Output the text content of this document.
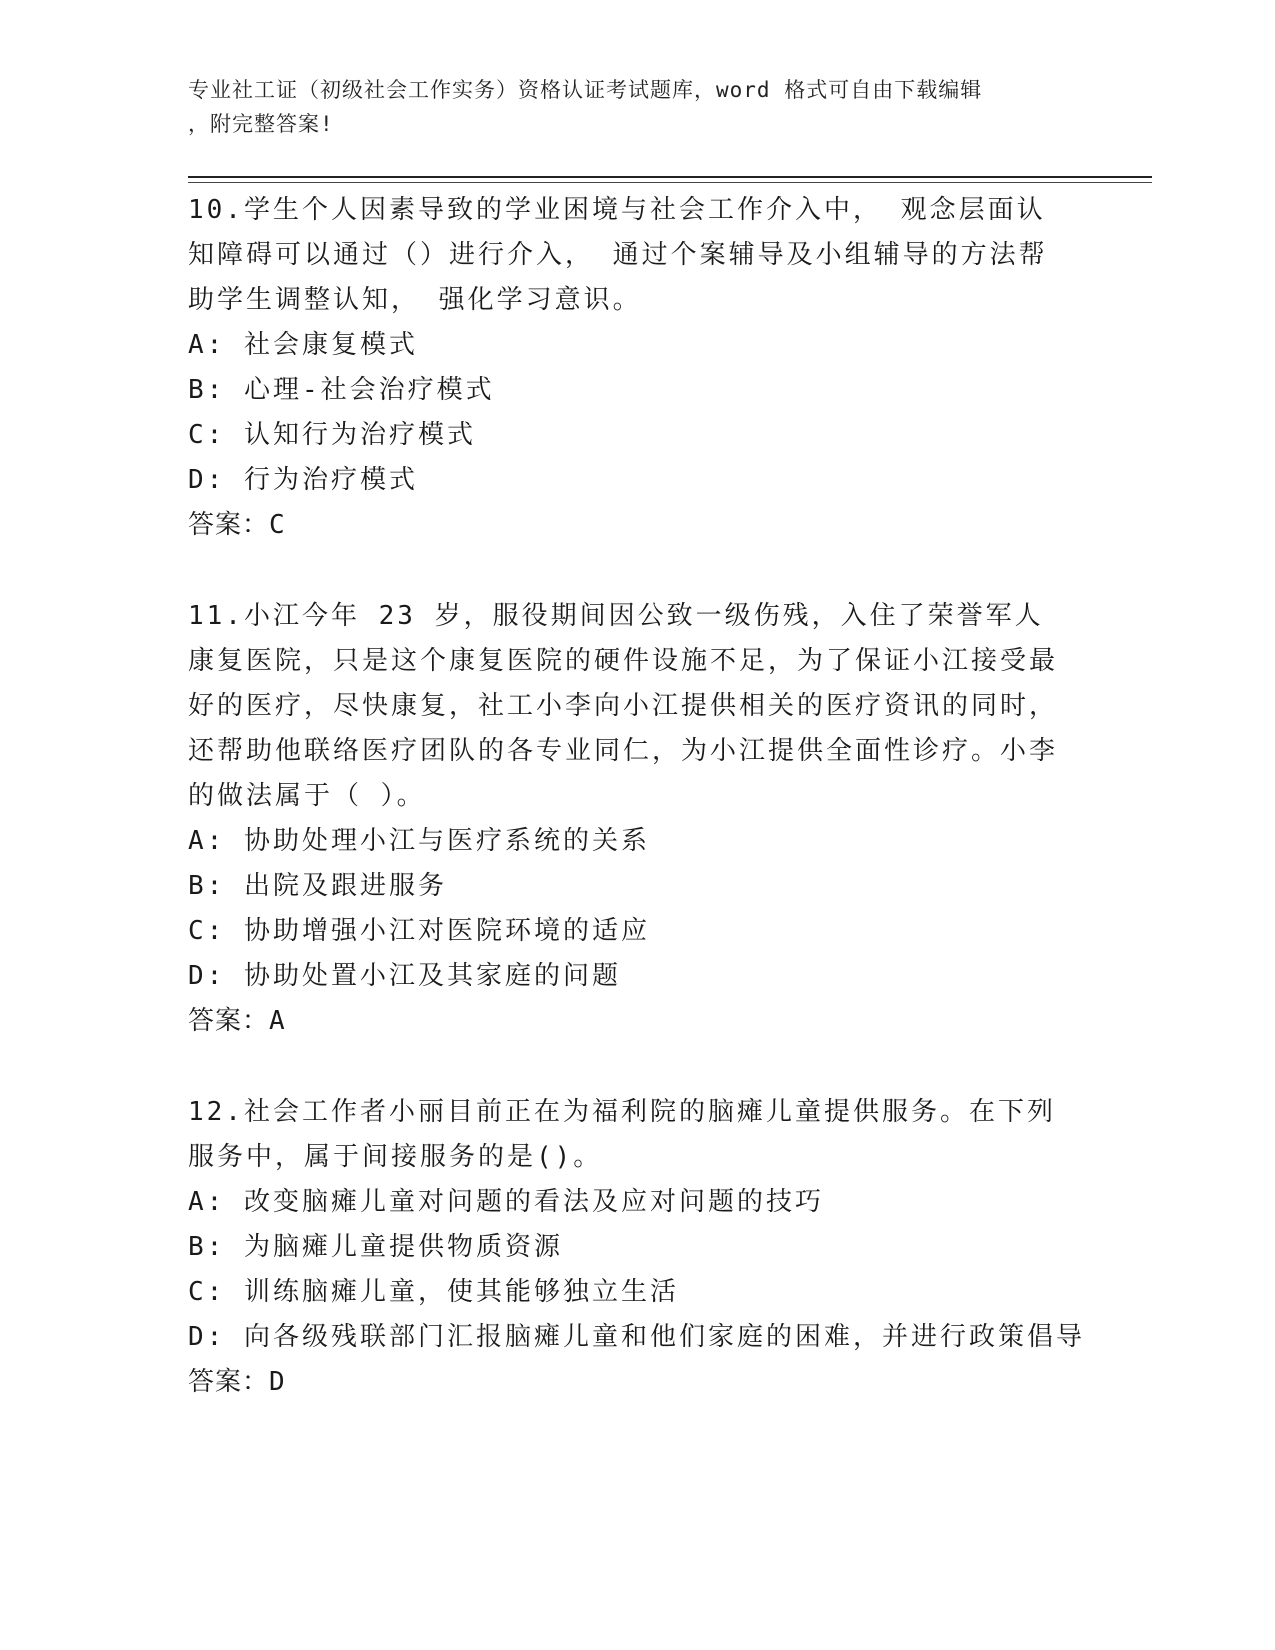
专业社工证（初级社会工作实务）资格认证考试题库，word 格式可自由下载编辑
，附完整答案!

10.学生个人因素导致的学业困境与社会工作介入中， 观念层面认知障碍可以通过（）进行介入， 通过个案辅导及小组辅导的方法帮助学生调整认知， 强化学习意识。

A: 社会康复模式

B: 心理-社会治疗模式

C: 认知行为治疗模式

D: 行为治疗模式

答案：C

11.小江今年 23 岁，服役期间因公致一级伤残，入住了荣誉军人康复医院，只是这个康复医院的硬件设施不足，为了保证小江接受最好的医疗，尽快康复，社工小李向小江提供相关的医疗资讯的同时，还帮助他联络医疗团队的各专业同仁，为小江提供全面性诊疗。小李的做法属于（ ）。

A: 协助处理小江与医疗系统的关系

B: 出院及跟进服务

C: 协助增强小江对医院环境的适应

D: 协助处置小江及其家庭的问题

答案：A

12.社会工作者小丽目前正在为福利院的脑瘫儿童提供服务。在下列服务中，属于间接服务的是()。

A: 改变脑瘫儿童对问题的看法及应对问题的技巧

B: 为脑瘫儿童提供物质资源

C: 训练脑瘫儿童，使其能够独立生活

D: 向各级残联部门汇报脑瘫儿童和他们家庭的困难，并进行政策倡导

答案：D
